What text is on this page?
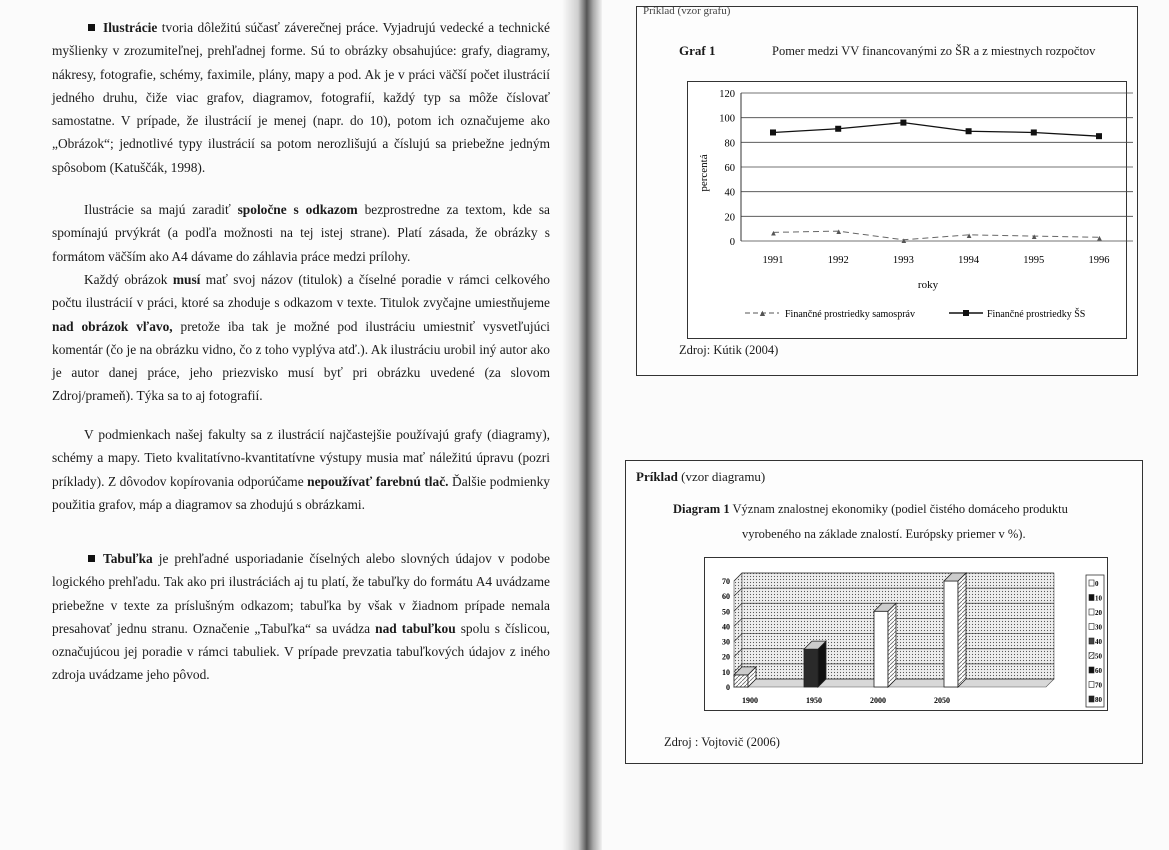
Ilustrácie tvoria dôležitú súčasť záverečnej práce. Vyjadrujú vedecké a technické myšlienky v zrozumiteľnej, prehľadnej forme. Sú to obrázky obsahujúce: grafy, diagramy, nákresy, fotografie, schémy, faximile, plány, mapy a pod. Ak je v práci väčší počet ilustrácií jedného druhu, čiže viac grafov, diagramov, fotografií, každý typ sa môže číslovať samostatne. V prípade, že ilustrácií je menej (napr. do 10), potom ich označujeme ako „Obrázok“; jednotlivé typy ilustrácií sa potom nerozlišujú a číslujú sa priebežne jedným spôsobom (Katuščák, 1998).

Ilustrácie sa majú zaradiť spoločne s odkazom bezprostredne za textom, kde sa spomínajú prvýkrát (a podľa možnosti na tej istej strane). Platí zásada, že obrázky s formátom väčším ako A4 dávame do záhlavia práce medzi prílohy.

Každý obrázok musí mať svoj názov (titulok) a číselné poradie v rámci celkového počtu ilustrácií v práci, ktoré sa zhoduje s odkazom v texte. Titulok zvyčajne umiestňujeme nad obrázok vľavo, pretože iba tak je možné pod ilustráciu umiestniť vysvetľujúci komentár (čo je na obrázku vidno, čo z toho vyplýva atď.). Ak ilustráciu urobil iný autor ako je autor danej práce, jeho priezvisko musí byť pri obrázku uvedené (za slovom Zdroj/prameň). Týka sa to aj fotografií.

V podmienkach našej fakulty sa z ilustrácií najčastejšie používajú grafy (diagramy), schémy a mapy. Tieto kvalitatívno-kvantitatívne výstupy musia mať náležitú úpravu (pozri príklady). Z dôvodov kopírovania odporúčame nepoužívať farebnú tlač. Ďalšie podmienky použitia grafov, máp a diagramov sa zhodujú s obrázkami.

Tabuľka je prehľadné usporiadanie číselných alebo slovných údajov v podobe logického prehľadu. Tak ako pri ilustráciách aj tu platí, že tabuľky do formátu A4 uvádzame priebežne v texte za príslušným odkazom; tabuľka by však v žiadnom prípade nemala presahovať jednu stranu. Označenie „Tabuľka“ sa uvádza nad tabuľkou spolu s číslicou, označujúcou jej poradie v rámci tabuliek. V prípade prevzatia tabuľkových údajov z iného zdroja uvádzame jeho pôvod.

Príklad (vzor grafu)
Graf 1	Pomer medzi VV financovanými zo ŠR a z miestnych rozpočtov
0
20
40
60
80
100
120
1991	1992	1993	1994	1995	1996
▲	▲
▲
▲	▲	▲
percentá
roky
▲ Finančné prostriedky samospráv	Finančné prostriedky ŠS
Zdroj: Kútik (2004)
Príklad (vzor diagramu)
Diagram 1 Význam znalostnej ekonomiky (podiel čistého domáceho produktu
vyrobeného na základe znalostí. Európsky priemer v %).
0
10
20
30
40
50
60
70
1900	1950	2000	2050
0
10
20
30
40
50
60
70
80
Zdroj : Vojtovič (2006)
